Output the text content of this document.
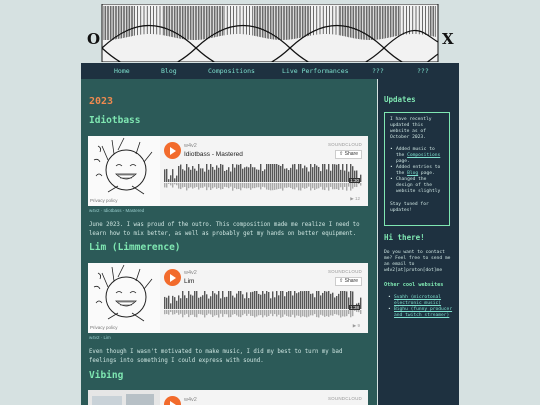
O	X
Home	Blog	Compositions	Live Performances	???	???
2023
Idiotbass
w4v2
Idiotbass - Mastered
SOUNDCLOUD
⇧ Share
1:30
▶ 12
Privacy policy
w4v2 · Idiotbass - Mastered
June 2023. I was proud of the outro. This composition made me realize I need to learn how to mix better, as well as probably get my hands on better equipment.
Lim (Limmerence)
w4v2
Lim
SOUNDCLOUD
⇧ Share
1:38
▶ 9
Privacy policy
w4v2 · Lim
Even though I wasn't motivated to make music, I did my best to turn my bad feelings into something I could express with sound.
Vibing
w4v2	SOUNDCLOUD
Updates

I have recently updated this website as of October 2023.

• Added music to the Compositions page.
• Added entries to the Blog page.
• Changed the design of the website slightly

Stay tuned for updates!

Hi there!
Do you want to contact me? Feel free to send me an email to w4v2[at]proton[dot]me
Other cool websites
• Svahh (microtonal electronic music)
• Bighu (funny producer and twitch streamer)
